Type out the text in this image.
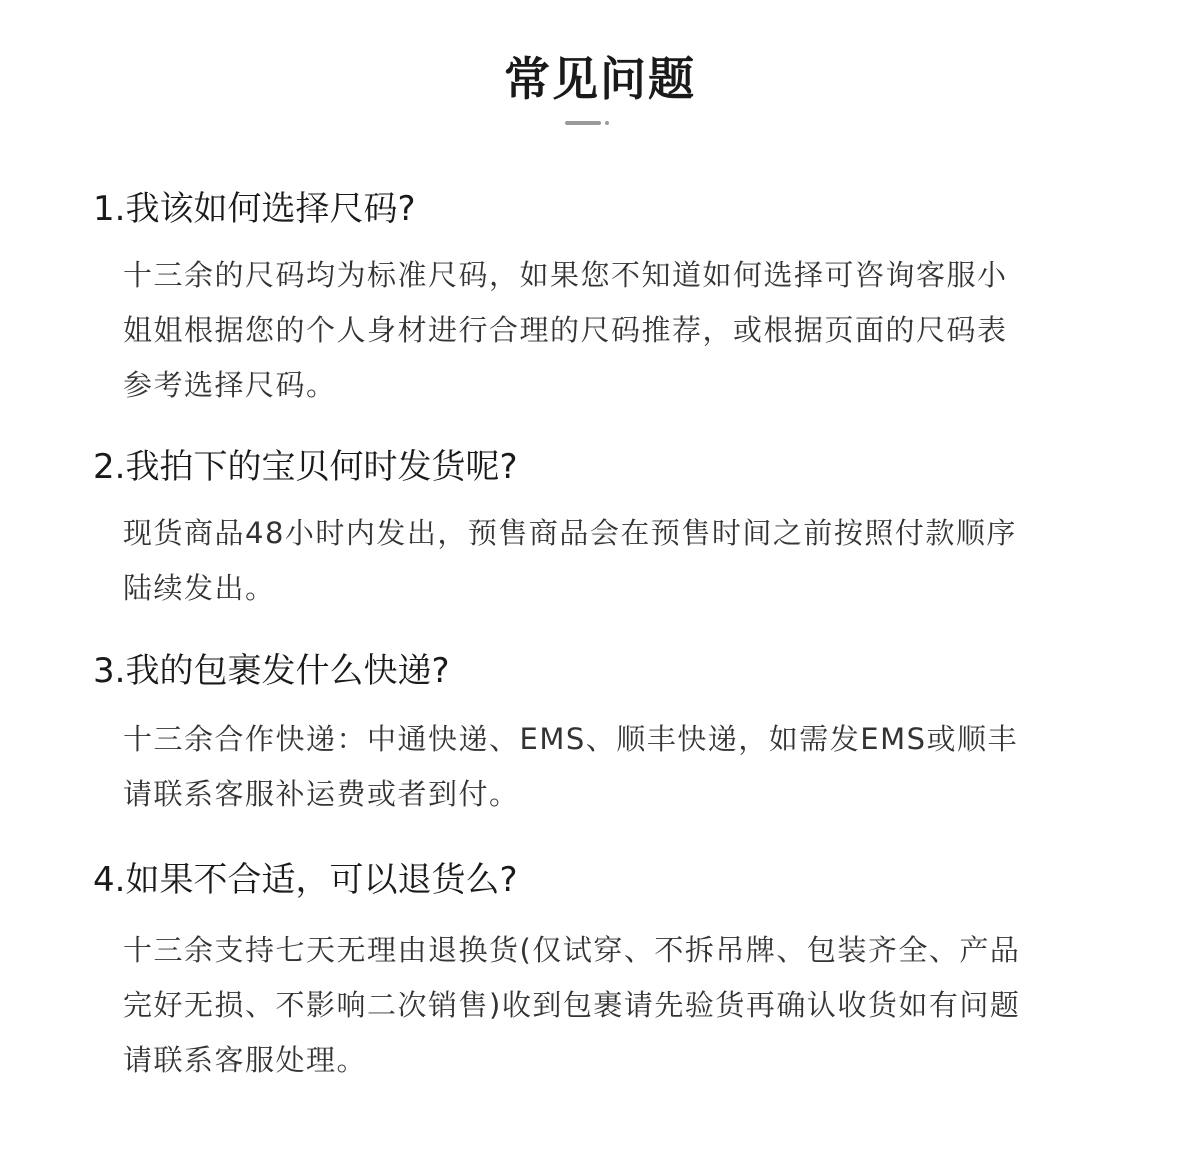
常见问题
1.我该如何选择尺码?
十三余的尺码均为标准尺码，如果您不知道如何选择可咨询客服小
姐姐根据您的个人身材进行合理的尺码推荐，或根据页面的尺码表
参考选择尺码。
2.我拍下的宝贝何时发货呢?
现货商品48小时内发出，预售商品会在预售时间之前按照付款顺序
陆续发出。
3.我的包裹发什么快递?
十三余合作快递：中通快递、EMS、顺丰快递，如需发EMS或顺丰
请联系客服补运费或者到付。
4.如果不合适，可以退货么?
十三余支持七天无理由退换货(仅试穿、不拆吊牌、包装齐全、产品
完好无损、不影响二次销售)收到包裹请先验货再确认收货如有问题
请联系客服处理。
